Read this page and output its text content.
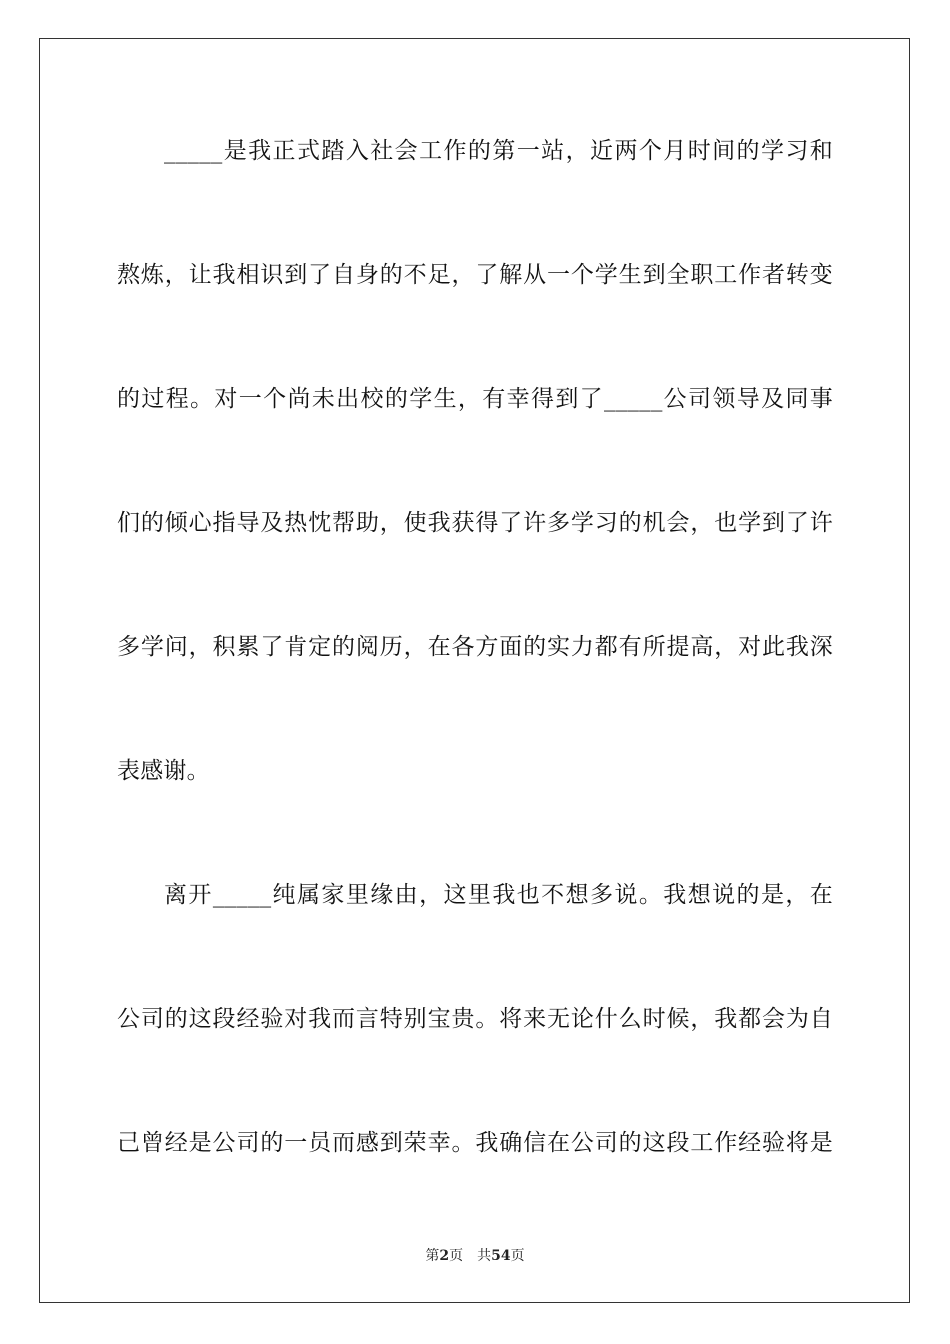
_____是我正式踏入社会工作的第一站，近两个月时间的学习和
熬炼，让我相识到了自身的不足，了解从一个学生到全职工作者转变
的过程。对一个尚未出校的学生，有幸得到了_____公司领导及同事
们的倾心指导及热忱帮助，使我获得了许多学习的机会，也学到了许
多学问，积累了肯定的阅历，在各方面的实力都有所提高，对此我深
表感谢。
离开_____纯属家里缘由，这里我也不想多说。我想说的是，在
公司的这段经验对我而言特别宝贵。将来无论什么时候，我都会为自
己曾经是公司的一员而感到荣幸。我确信在公司的这段工作经验将是
第2页 共54页
